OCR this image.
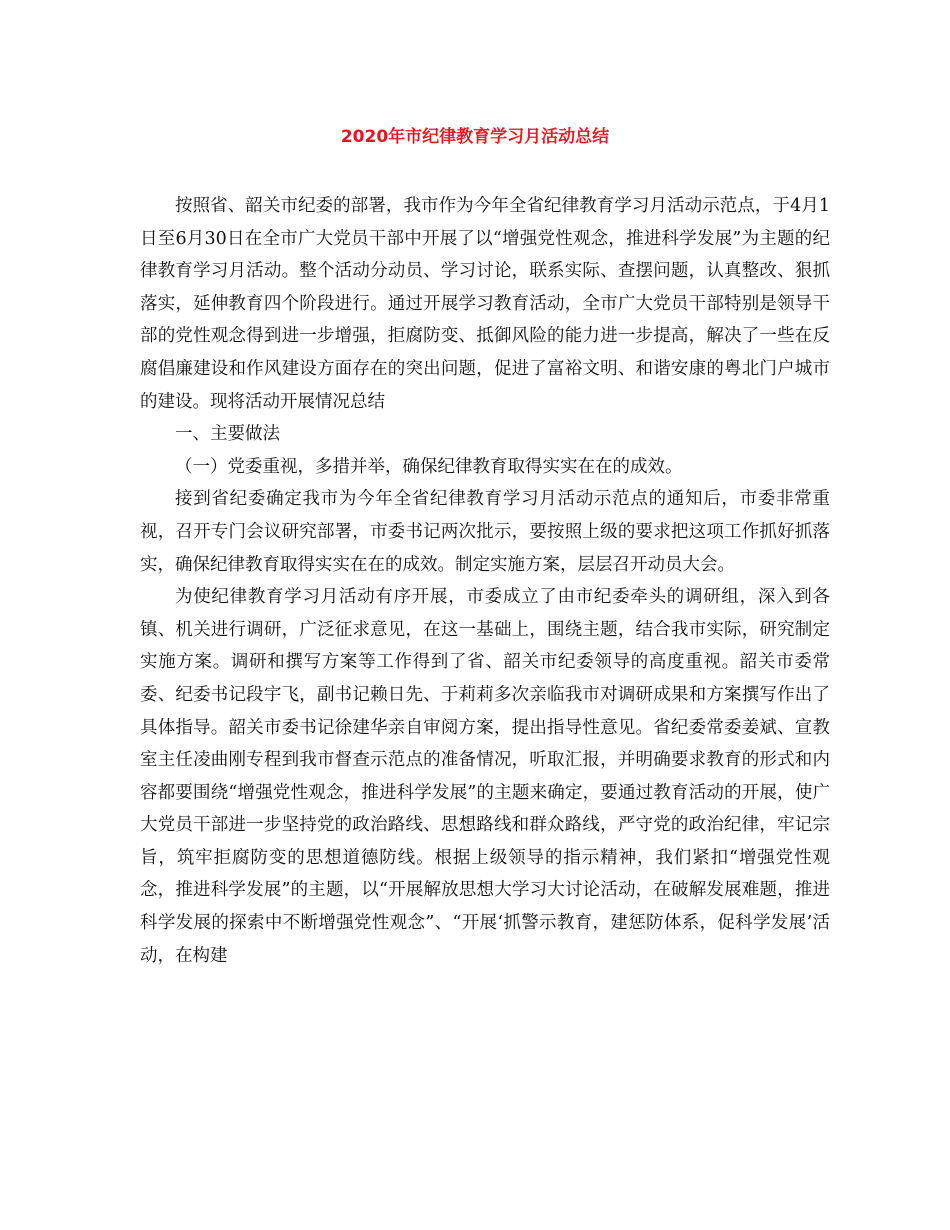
2020年市纪律教育学习月活动总结

按照省、韶关市纪委的部署，我市作为今年全省纪律教育学习月活动示范点，于4月1日至6月30日在全市广大党员干部中开展了以“增强党性观念，推进科学发展”为主题的纪律教育学习月活动。整个活动分动员、学习讨论，联系实际、查摆问题，认真整改、狠抓落实，延伸教育四个阶段进行。通过开展学习教育活动，全市广大党员干部特别是领导干部的党性观念得到进一步增强，拒腐防变、抵御风险的能力进一步提高，解决了一些在反腐倡廉建设和作风建设方面存在的突出问题，促进了富裕文明、和谐安康的粤北门户城市的建设。现将活动开展情况总结

一、主要做法

（一）党委重视，多措并举，确保纪律教育取得实实在在的成效。

接到省纪委确定我市为今年全省纪律教育学习月活动示范点的通知后，市委非常重视，召开专门会议研究部署，市委书记两次批示，要按照上级的要求把这项工作抓好抓落实，确保纪律教育取得实实在在的成效。制定实施方案，层层召开动员大会。

为使纪律教育学习月活动有序开展，市委成立了由市纪委牵头的调研组，深入到各镇、机关进行调研，广泛征求意见，在这一基础上，围绕主题，结合我市实际，研究制定实施方案。调研和撰写方案等工作得到了省、韶关市纪委领导的高度重视。韶关市委常委、纪委书记段宇飞，副书记赖日先、于莉莉多次亲临我市对调研成果和方案撰写作出了具体指导。韶关市委书记徐建华亲自审阅方案，提出指导性意见。省纪委常委姜斌、宣教室主任凌曲刚专程到我市督查示范点的准备情况，听取汇报，并明确要求教育的形式和内容都要围绕“增强党性观念，推进科学发展”的主题来确定，要通过教育活动的开展，使广大党员干部进一步坚持党的政治路线、思想路线和群众路线，严守党的政治纪律，牢记宗旨，筑牢拒腐防变的思想道德防线。根据上级领导的指示精神，我们紧扣“增强党性观念，推进科学发展”的主题，以“开展解放思想大学习大讨论活动，在破解发展难题，推进科学发展的探索中不断增强党性观念”、“开展‘抓警示教育，建惩防体系，促科学发展’活动，在构建
